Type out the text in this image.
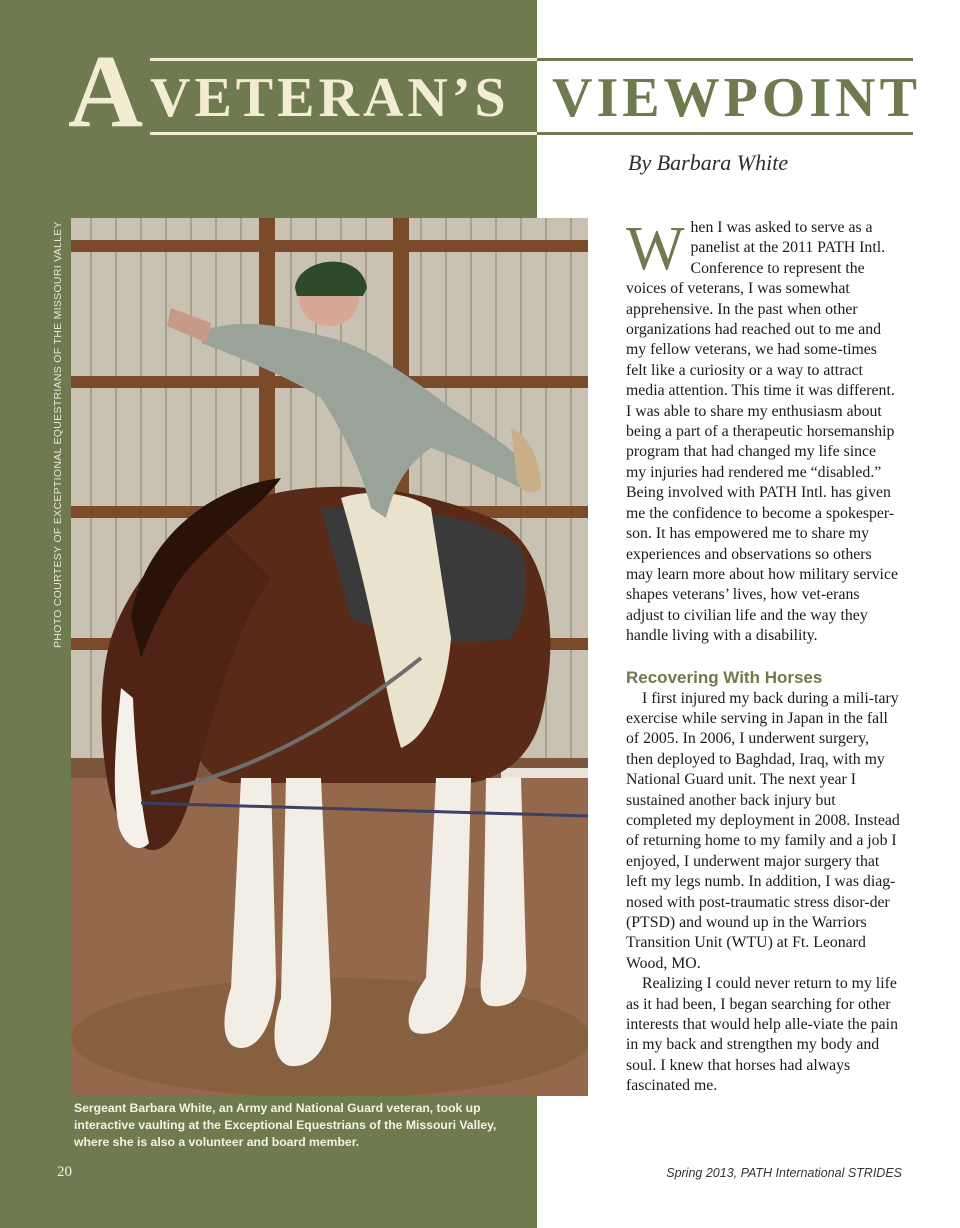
A VETERAN’S VIEWPOINT
By Barbara White
PHOTO COURTESY OF EXCEPTIONAL EQUESTRIANS OF THE MISSOURI VALLEY
Sergeant Barbara White, an Army and National Guard veteran, took up interactive vaulting at the Exceptional Equestrians of the Missouri Valley, where she is also a volunteer and board member.
20	Spring 2013, PATH International STRIDES

When I was asked to serve as a panelist at the 2011 PATH Intl. Conference to represent the voices of veterans, I was somewhat apprehensive. In the past when other organizations had reached out to me and my fellow veterans, we had some-times felt like a curiosity or a way to attract media attention. This time it was different. I was able to share my enthusiasm about being a part of a therapeutic horsemanship program that had changed my life since my injuries had rendered me “disabled.” Being involved with PATH Intl. has given me the confidence to become a spokesper-son. It has empowered me to share my experiences and observations so others may learn more about how military service shapes veterans’ lives, how vet-erans adjust to civilian life and the way they handle living with a disability.

Recovering With Horses

I first injured my back during a mili-tary exercise while serving in Japan in the fall of 2005. In 2006, I underwent surgery, then deployed to Baghdad, Iraq, with my National Guard unit. The next year I sustained another back injury but completed my deployment in 2008. Instead of returning home to my family and a job I enjoyed, I underwent major surgery that left my legs numb. In addition, I was diag-nosed with post-traumatic stress disor-der (PTSD) and wound up in the Warriors Transition Unit (WTU) at Ft. Leonard Wood, MO.

Realizing I could never return to my life as it had been, I began searching for other interests that would help alle-viate the pain in my back and strengthen my body and soul. I knew that horses had always fascinated me.
